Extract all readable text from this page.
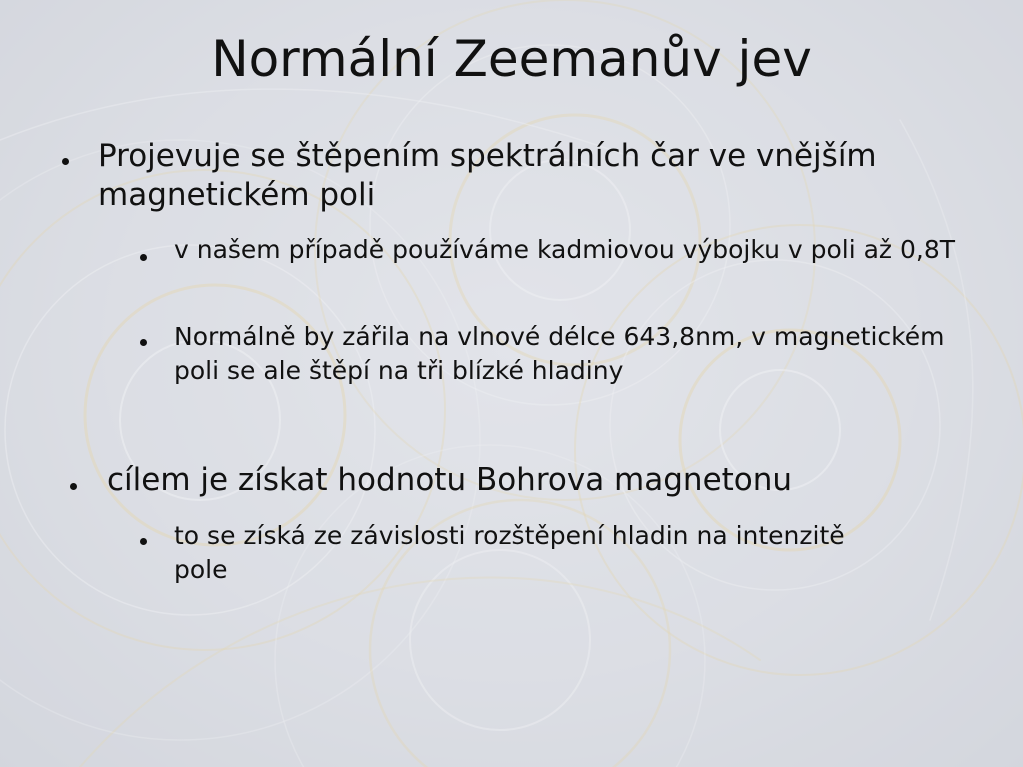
Normální Zeemanův jev
Projevuje se štěpením spektrálních čar ve vnějším magnetickém poli
v našem případě používáme kadmiovou výbojku v poli až 0,8T
Normálně by zářila na vlnové délce 643,8nm, v magnetickém poli se ale štěpí na tři blízké hladiny
cílem je získat hodnotu Bohrova magnetonu
to se získá ze závislosti rozštěpení hladin na intenzitě pole
